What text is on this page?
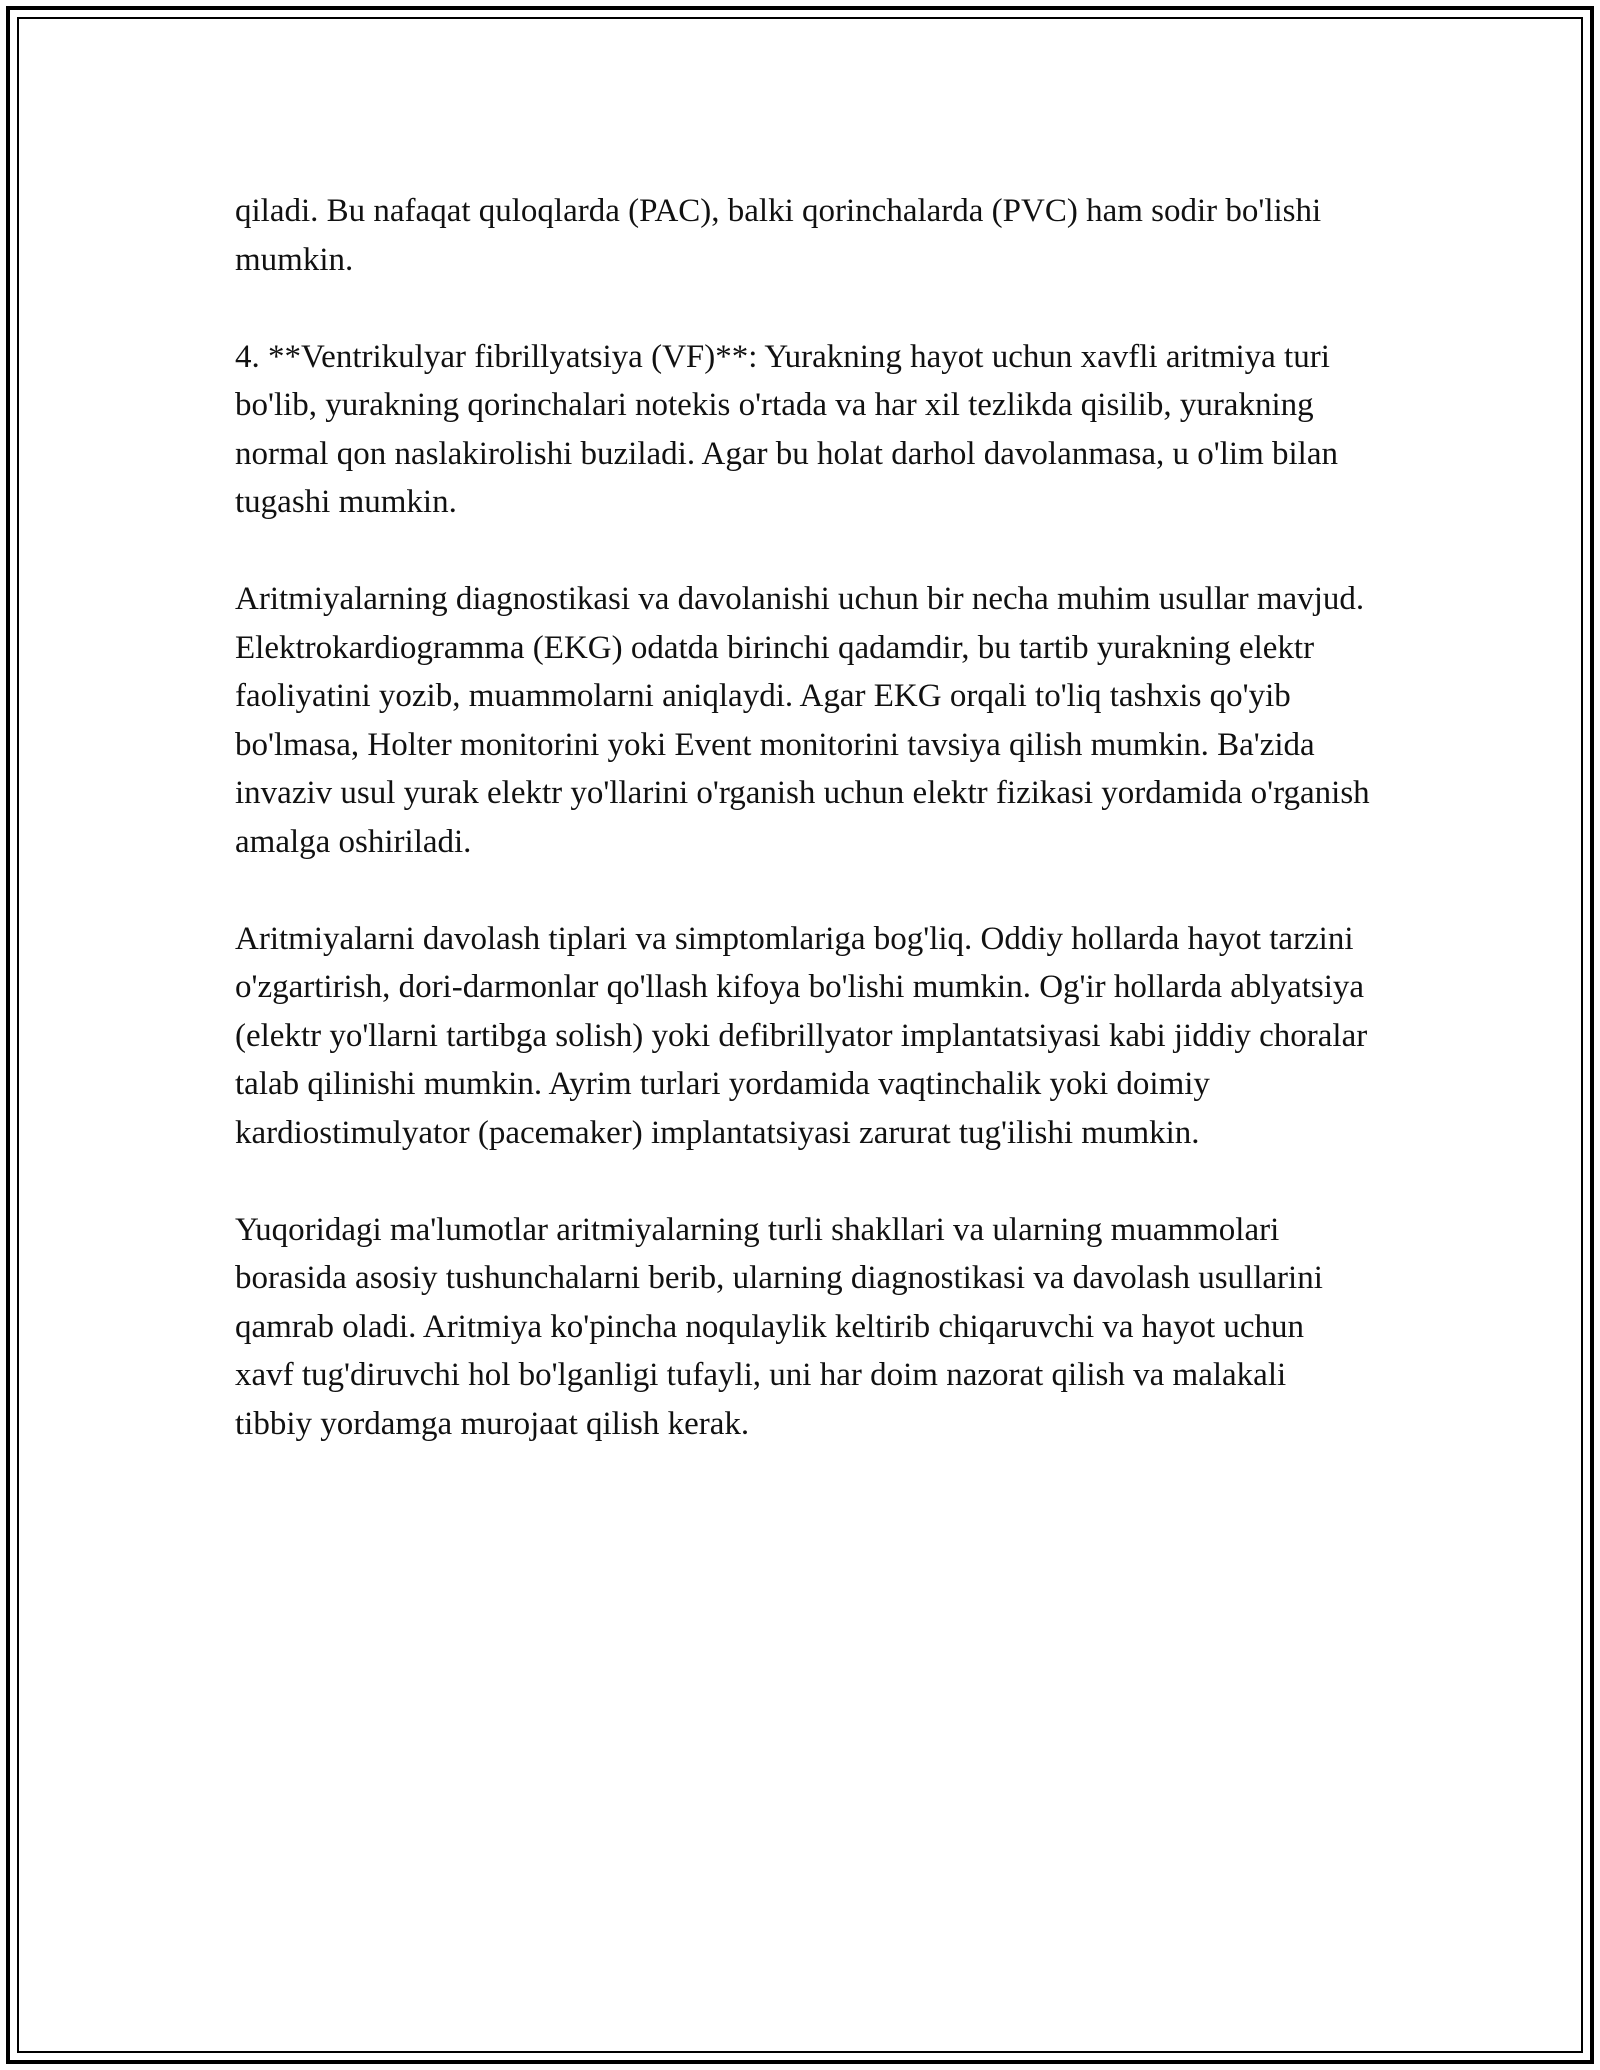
qiladi. Bu nafaqat quloqlarda (PAC), balki qorinchalarda (PVC) ham sodir bo'lishi mumkin.

4. **Ventrikulyar fibrillyatsiya (VF)**: Yurakning hayot uchun xavfli aritmiya turi bo'lib, yurakning qorinchalari notekis o'rtada va har xil tezlikda qisilib, yurakning normal qon naslakirolishi buziladi. Agar bu holat darhol davolanmasa, u o'lim bilan tugashi mumkin.

Aritmiyalarning diagnostikasi va davolanishi uchun bir necha muhim usullar mavjud. Elektrokardiogramma (EKG) odatda birinchi qadamdir, bu tartib yurakning elektr faoliyatini yozib, muammolarni aniqlaydi. Agar EKG orqali to'liq tashxis qo'yib bo'lmasa, Holter monitorini yoki Event monitorini tavsiya qilish mumkin. Ba'zida invaziv usul yurak elektr yo'llarini o'rganish uchun elektr fizikasi yordamida o'rganish amalga oshiriladi.

Aritmiyalarni davolash tiplari va simptomlariga bog'liq. Oddiy hollarda hayot tarzini o'zgartirish, dori-darmonlar qo'llash kifoya bo'lishi mumkin. Og'ir hollarda ablyatsiya (elektr yo'llarni tartibga solish) yoki defibrillyator implantatsiyasi kabi jiddiy choralar talab qilinishi mumkin. Ayrim turlari yordamida vaqtinchalik yoki doimiy kardiostimulyator (pacemaker) implantatsiyasi zarurat tug'ilishi mumkin.

Yuqoridagi ma'lumotlar aritmiyalarning turli shakllari va ularning muammolari borasida asosiy tushunchalarni berib, ularning diagnostikasi va davolash usullarini qamrab oladi. Aritmiya ko'pincha noqulaylik keltirib chiqaruvchi va hayot uchun xavf tug'diruvchi hol bo'lganligi tufayli, uni har doim nazorat qilish va malakali tibbiy yordamga murojaat qilish kerak.
